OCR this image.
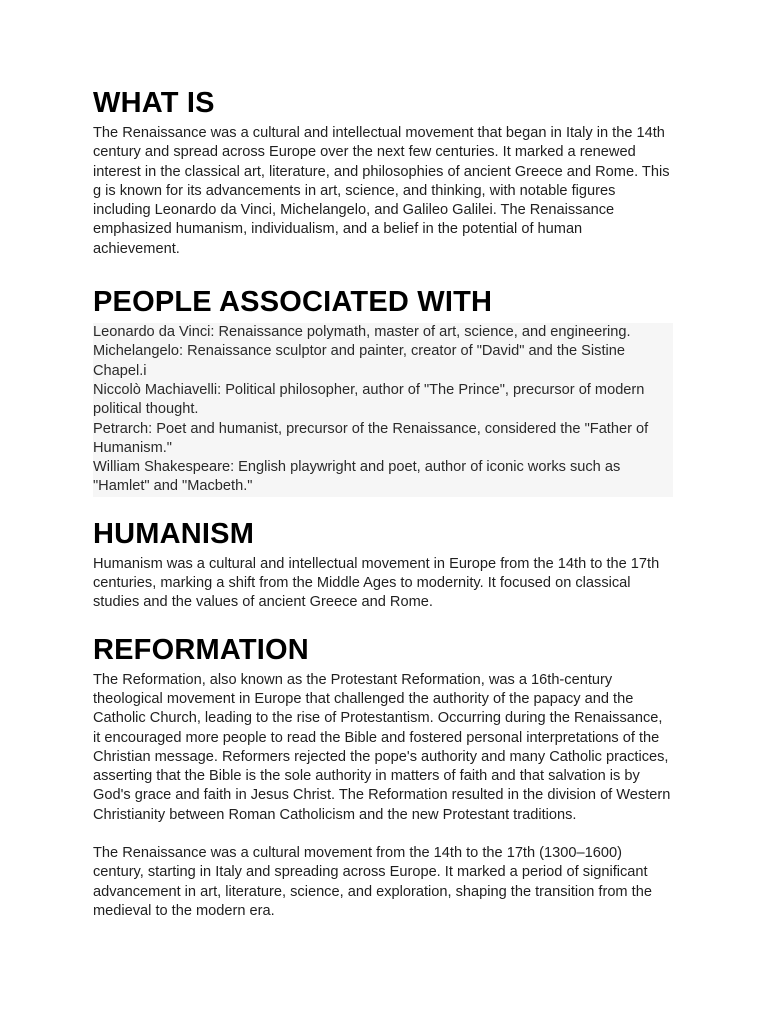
WHAT IS

The Renaissance was a cultural and intellectual movement that began in Italy in the 14th century and spread across Europe over the next few centuries. It marked a renewed interest in the classical art, literature, and philosophies of ancient Greece and Rome. This g is known for its advancements in art, science, and thinking, with notable figures including Leonardo da Vinci, Michelangelo, and Galileo Galilei. The Renaissance emphasized humanism, individualism, and a belief in the potential of human achievement.

PEOPLE ASSOCIATED WITH

Leonardo da Vinci: Renaissance polymath, master of art, science, and engineering.

Michelangelo: Renaissance sculptor and painter, creator of "David" and the Sistine Chapel.i

Niccolò Machiavelli: Political philosopher, author of "The Prince", precursor of modern political thought.

Petrarch: Poet and humanist, precursor of the Renaissance, considered the "Father of Humanism."

William Shakespeare: English playwright and poet, author of iconic works such as "Hamlet" and "Macbeth."

HUMANISM

Humanism was a cultural and intellectual movement in Europe from the 14th to the 17th centuries, marking a shift from the Middle Ages to modernity. It focused on classical studies and the values of ancient Greece and Rome.

REFORMATION

The Reformation, also known as the Protestant Reformation, was a 16th-century theological movement in Europe that challenged the authority of the papacy and the Catholic Church, leading to the rise of Protestantism. Occurring during the Renaissance, it encouraged more people to read the Bible and fostered personal interpretations of the Christian message. Reformers rejected the pope's authority and many Catholic practices, asserting that the Bible is the sole authority in matters of faith and that salvation is by God's grace and faith in Jesus Christ. The Reformation resulted in the division of Western Christianity between Roman Catholicism and the new Protestant traditions.

The Renaissance was a cultural movement from the 14th to the 17th (1300–1600) century, starting in Italy and spreading across Europe. It marked a period of significant advancement in art, literature, science, and exploration, shaping the transition from the medieval to the modern era.
